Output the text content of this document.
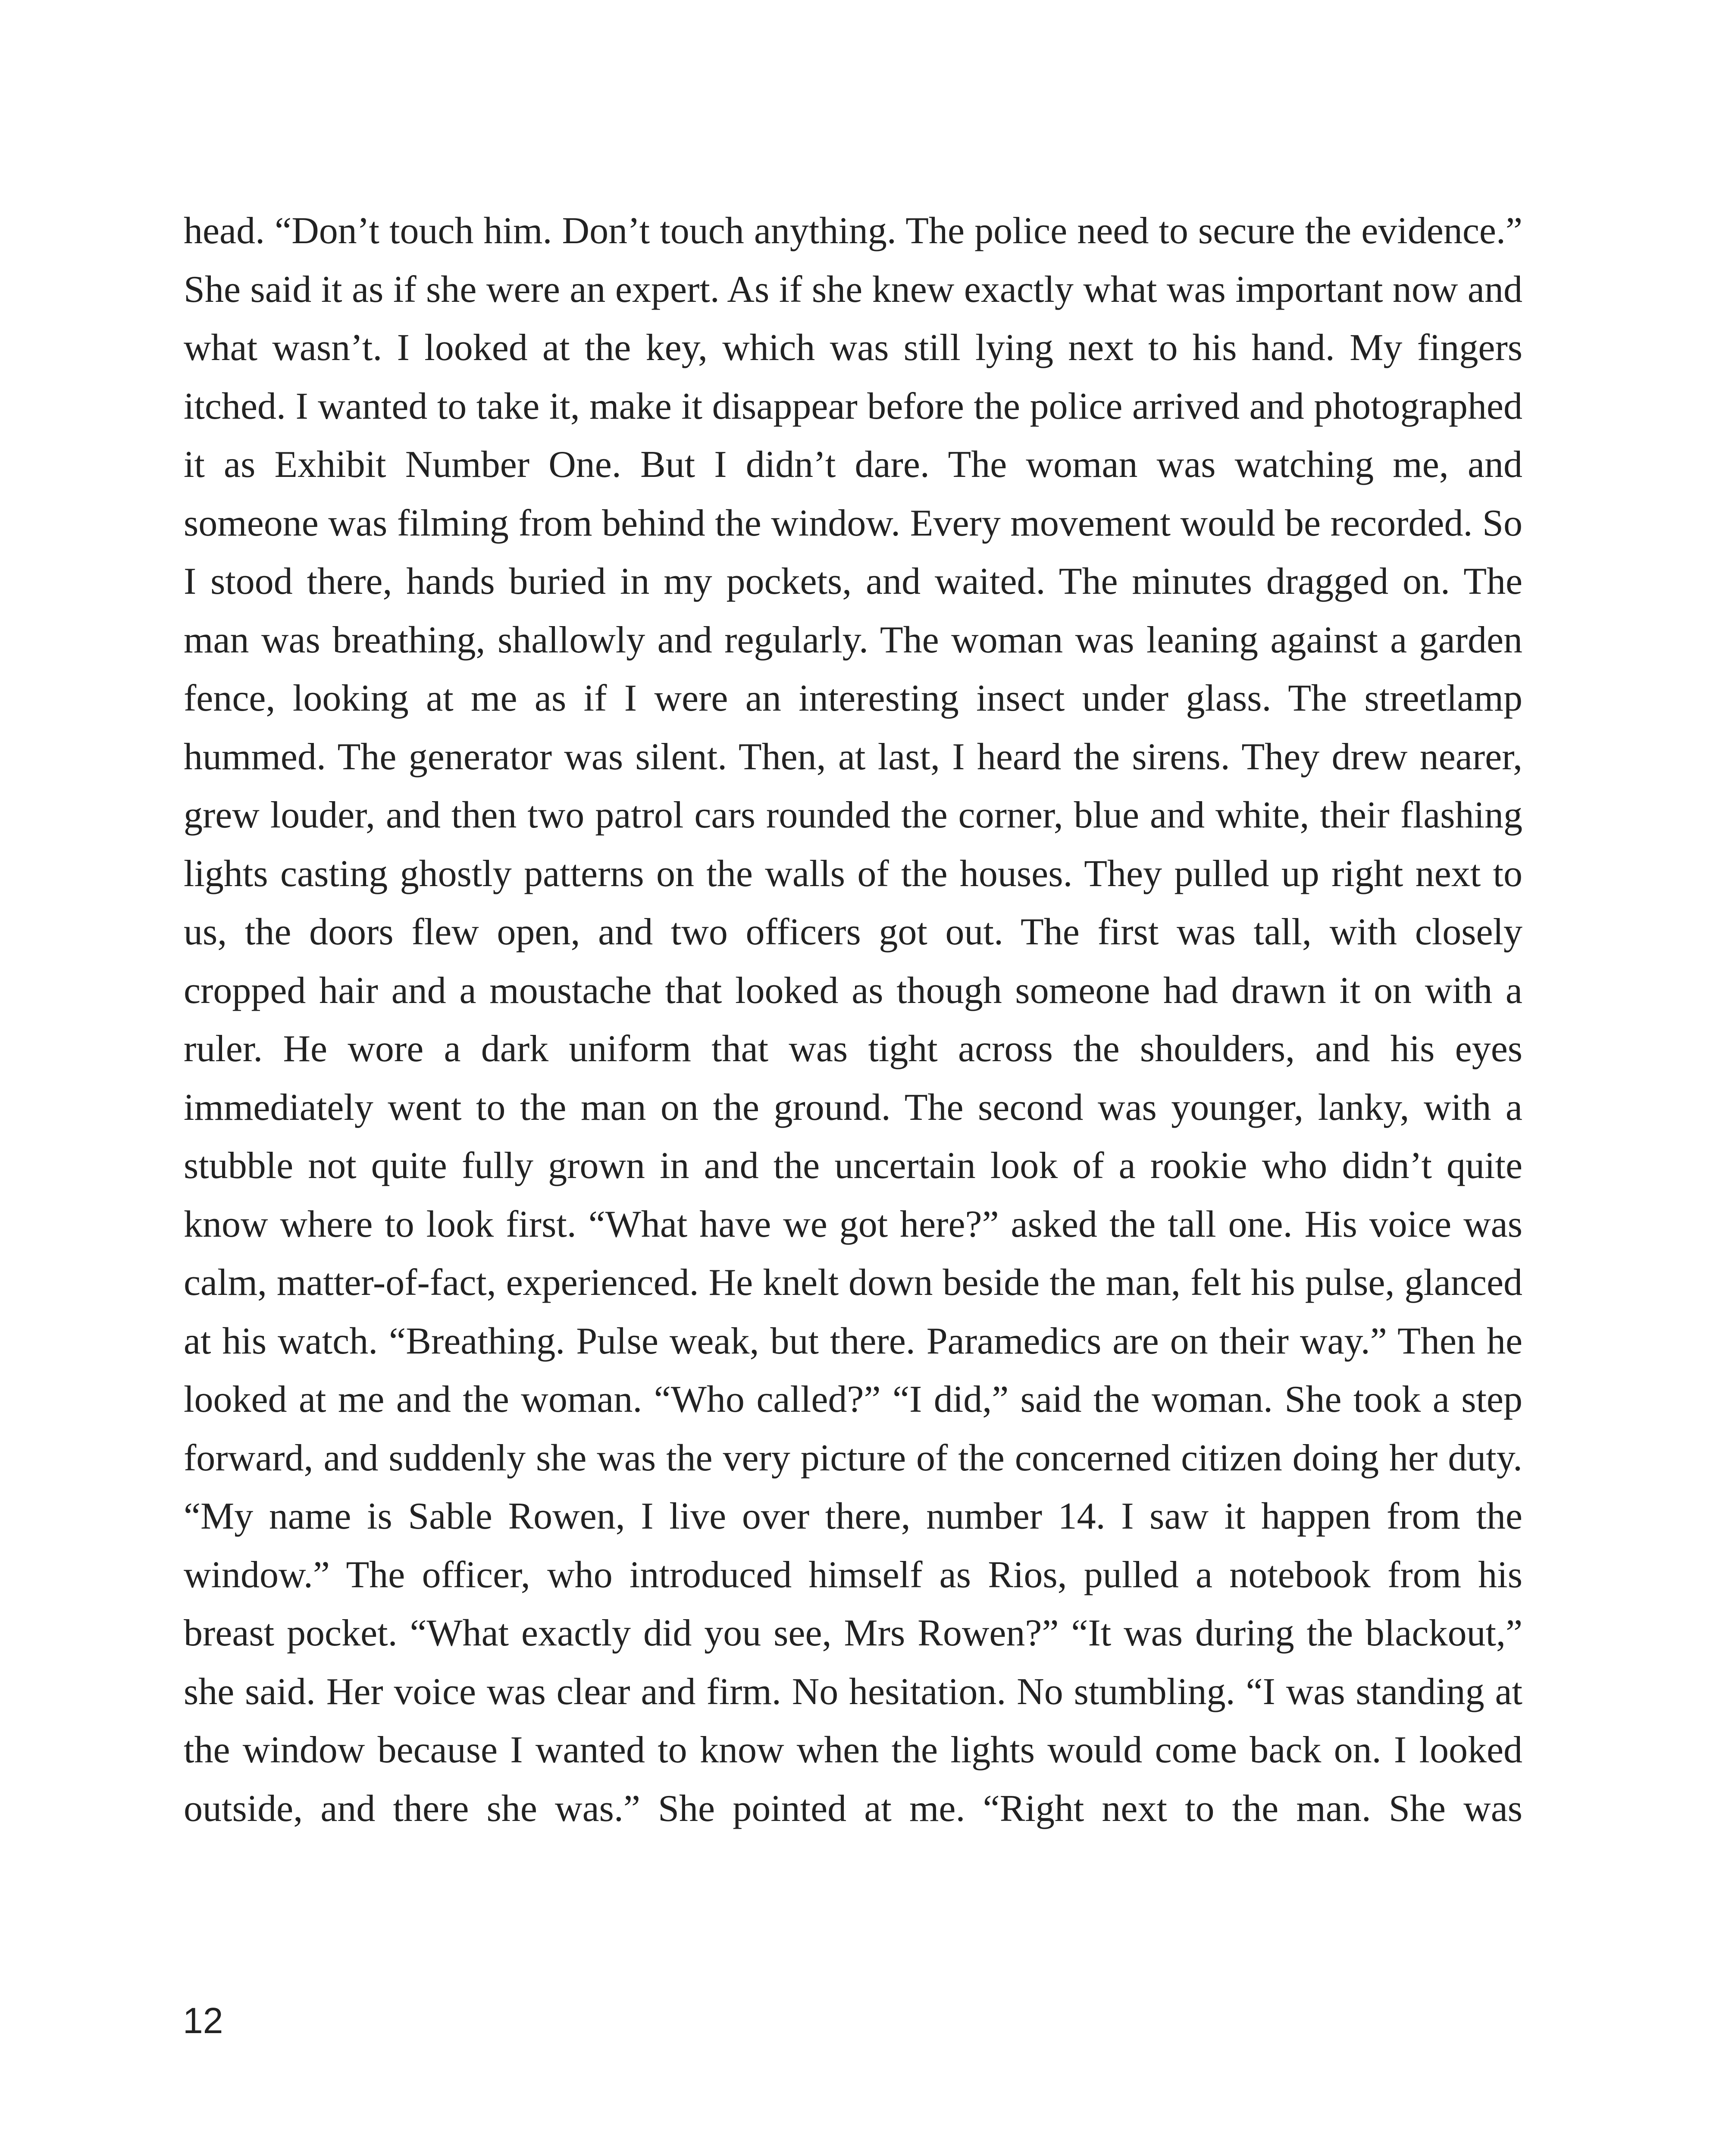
head. “Don’t touch him. Don’t touch anything. The police need to secure the evidence.” She said it as if she were an expert. As if she knew exactly what was important now and what wasn’t. I looked at the key, which was still lying next to his hand. My fingers itched. I wanted to take it, make it disappear before the police arrived and photographed it as Exhibit Number One. But I didn’t dare. The woman was watching me, and someone was filming from behind the window. Every movement would be recorded. So I stood there, hands buried in my pockets, and waited. The minutes dragged on. The man was breathing, shallowly and regularly. The woman was leaning against a garden fence, looking at me as if I were an interesting insect under glass. The streetlamp hummed. The generator was silent. Then, at last, I heard the sirens. They drew nearer, grew louder, and then two patrol cars rounded the corner, blue and white, their flashing lights casting ghostly patterns on the walls of the houses. They pulled up right next to us, the doors flew open, and two officers got out. The first was tall, with closely cropped hair and a moustache that looked as though someone had drawn it on with a ruler. He wore a dark uniform that was tight across the shoulders, and his eyes immediately went to the man on the ground. The second was younger, lanky, with a stubble not quite fully grown in and the uncertain look of a rookie who didn’t quite know where to look first. “What have we got here?” asked the tall one. His voice was calm, matter-of-fact, experienced. He knelt down beside the man, felt his pulse, glanced at his watch. “Breathing. Pulse weak, but there. Paramedics are on their way.” Then he looked at me and the woman. “Who called?” “I did,” said the woman. She took a step forward, and suddenly she was the very picture of the concerned citizen doing her duty. “My name is Sable Rowen, I live over there, number 14. I saw it happen from the window.” The officer, who introduced himself as Rios, pulled a notebook from his breast pocket. “What exactly did you see, Mrs Rowen?” “It was during the blackout,” she said. Her voice was clear and firm. No hesitation. No stumbling. “I was standing at the window because I wanted to know when the lights would come back on. I looked outside, and there she was.” She pointed at me. “Right next to the man. She was

12
